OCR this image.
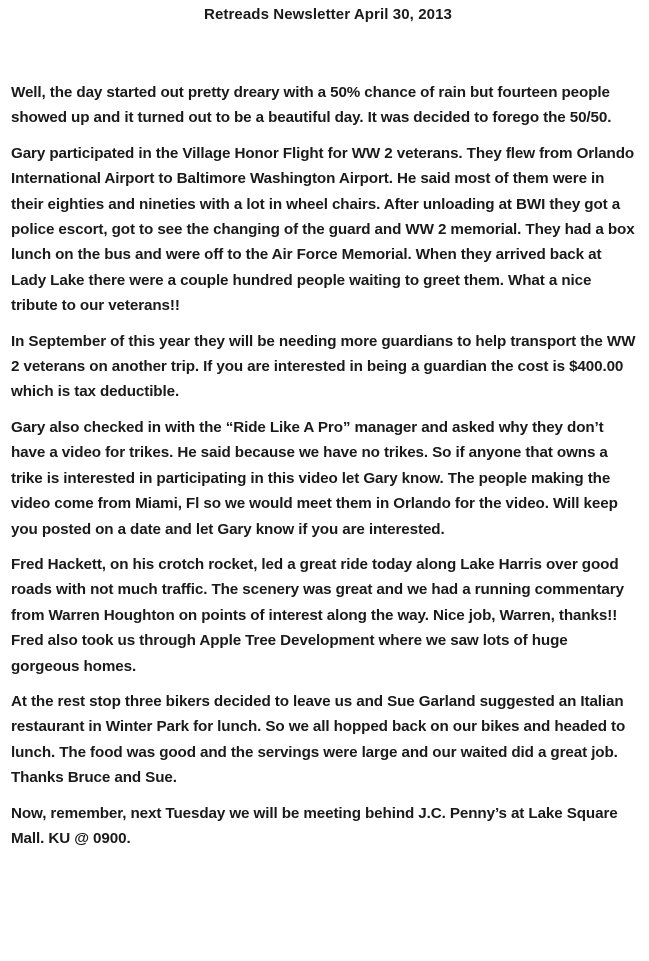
Retreads Newsletter April 30, 2013

Well, the day started out pretty dreary with a 50% chance of rain but fourteen people showed up and it turned out to be a beautiful day. It was decided to forego the 50/50.

Gary participated in the Village Honor Flight for WW 2 veterans. They flew from Orlando International Airport to Baltimore Washington Airport. He said most of them were in their eighties and nineties with a lot in wheel chairs. After unloading at BWI they got a police escort, got to see the changing of the guard and WW 2 memorial. They had a box lunch on the bus and were off to the Air Force Memorial. When they arrived back at Lady Lake there were a couple hundred people waiting to greet them. What a nice tribute to our veterans!!

In September of this year they will be needing more guardians to help transport the WW 2 veterans on another trip. If you are interested in being a guardian the cost is $400.00 which is tax deductible.

Gary also checked in with the “Ride Like A Pro” manager and asked why they don’t have a video for trikes. He said because we have no trikes. So if anyone that owns a trike is interested in participating in this video let Gary know. The people making the video come from Miami, Fl so we would meet them in Orlando for the video. Will keep you posted on a date and let Gary know if you are interested.

Fred Hackett, on his crotch rocket, led a great ride today along Lake Harris over good roads with not much traffic. The scenery was great and we had a running commentary from Warren Houghton on points of interest along the way. Nice job, Warren, thanks!! Fred also took us through Apple Tree Development where we saw lots of huge gorgeous homes.

At the rest stop three bikers decided to leave us and Sue Garland suggested an Italian restaurant in Winter Park for lunch. So we all hopped back on our bikes and headed to lunch. The food was good and the servings were large and our waited did a great job. Thanks Bruce and Sue.

Now, remember, next Tuesday we will be meeting behind J.C. Penny’s at Lake Square Mall. KU @ 0900.
